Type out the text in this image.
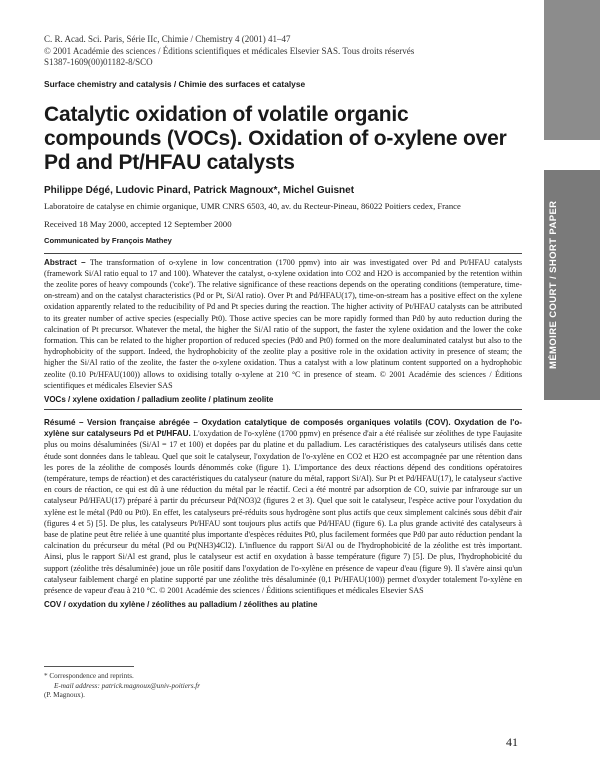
C. R. Acad. Sci. Paris, Série IIc, Chimie / Chemistry 4 (2001) 41–47
© 2001 Académie des sciences / Éditions scientifiques et médicales Elsevier SAS. Tous droits réservés
S1387-1609(00)01182-8/SCO
Surface chemistry and catalysis / Chimie des surfaces et catalyse
Catalytic oxidation of volatile organic compounds (VOCs). Oxidation of o-xylene over Pd and Pt/HFAU catalysts
Philippe Dégé, Ludovic Pinard, Patrick Magnoux*, Michel Guisnet
Laboratoire de catalyse en chimie organique, UMR CNRS 6503, 40, av. du Recteur-Pineau, 86022 Poitiers cedex, France
Received 18 May 2000, accepted 12 September 2000
Communicated by François Mathey
Abstract – The transformation of o-xylene in low concentration (1700 ppmv) into air was investigated over Pd and Pt/HFAU catalysts (framework Si/Al ratio equal to 17 and 100). Whatever the catalyst, o-xylene oxidation into CO2 and H2O is accompanied by the retention within the zeolite pores of heavy compounds ('coke'). The relative significance of these reactions depends on the operating conditions (temperature, time-on-stream) and on the catalyst characteristics (Pd or Pt, Si/Al ratio). Over Pt and Pd/HFAU(17), time-on-stream has a positive effect on the xylene oxidation apparently related to the reducibility of Pd and Pt species during the reaction. The higher activity of Pt/HFAU catalysts can be attributed to its greater number of active species (especially Pt0). Those active species can be more rapidly formed than Pd0 by auto reduction during the calcination of Pt precursor. Whatever the metal, the higher the Si/Al ratio of the support, the faster the xylene oxidation and the lower the coke formation. This can be related to the higher proportion of reduced species (Pd0 and Pt0) formed on the more dealuminated catalyst but also to the hydrophobicity of the support. Indeed, the hydrophobicity of the zeolite play a positive role in the oxidation activity in presence of steam; the higher the Si/Al ratio of the zeolite, the faster the o-xylene oxidation. Thus a catalyst with a low platinum content supported on a hydrophobic zeolite (0.10 Pt/HFAU(100)) allows to oxidising totally o-xylene at 210 °C in presence of steam. © 2001 Académie des sciences / Éditions scientifiques et médicales Elsevier SAS
VOCs / xylene oxidation / palladium zeolite / platinum zeolite
Résumé – Version française abrégée – Oxydation catalytique de composés organiques volatils (COV). Oxydation de l'o-xylène sur catalyseurs Pd et Pt/HFAU. L'oxydation de l'o-xylène (1700 ppmv) en présence d'air a été réalisée sur zéolithes de type Faujasite plus ou moins désaluminées (Si/Al = 17 et 100) et dopées par du platine et du palladium. Les caractéristiques des catalyseurs utilisés dans cette étude sont données dans le tableau. Quel que soit le catalyseur, l'oxydation de l'o-xylène en CO2 et H2O est accompagnée par une rétention dans les pores de la zéolithe de composés lourds dénommés coke (figure 1). L'importance des deux réactions dépend des conditions opératoires (température, temps de réaction) et des caractéristiques du catalyseur (nature du métal, rapport Si/Al). Sur Pt et Pd/HFAU(17), le catalyseur s'active en cours de réaction, ce qui est dû à une réduction du métal par le réactif. Ceci a été montré par adsorption de CO, suivie par infrarouge sur un catalyseur Pd/HFAU(17) préparé à partir du précurseur Pd(NO3)2 (figures 2 et 3). Quel que soit le catalyseur, l'espèce active pour l'oxydation du xylène est le métal (Pd0 ou Pt0). En effet, les catalyseurs pré-réduits sous hydrogène sont plus actifs que ceux simplement calcinés sous débit d'air (figures 4 et 5) [5]. De plus, les catalyseurs Pt/HFAU sont toujours plus actifs que Pd/HFAU (figure 6). La plus grande activité des catalyseurs à base de platine peut être reliée à une quantité plus importante d'espèces réduites Pt0, plus facilement formées que Pd0 par auto réduction pendant la calcination du précurseur du métal (Pd ou Pt(NH3)4Cl2). L'influence du rapport Si/Al ou de l'hydrophobicité de la zéolithe est très important. Ainsi, plus le rapport Si/Al est grand, plus le catalyseur est actif en oxydation à basse température (figure 7) [5]. De plus, l'hydrophobicité du support (zéolithe très désaluminée) joue un rôle positif dans l'oxydation de l'o-xylène en présence de vapeur d'eau (figure 9). Il s'avère ainsi qu'un catalyseur faiblement chargé en platine supporté par une zéolithe très désaluminée (0,1 Pt/HFAU(100)) permet d'oxyder totalement l'o-xylène en présence de vapeur d'eau à 210 °C. © 2001 Académie des sciences / Éditions scientifiques et médicales Elsevier SAS
COV / oxydation du xylène / zéolithes au palladium / zéolithes au platine
* Correspondence and reprints.
E-mail address: patrick.magnoux@univ-poitiers.fr
(P. Magnoux).
41
MÉMOIRE COURT / SHORT PAPER
